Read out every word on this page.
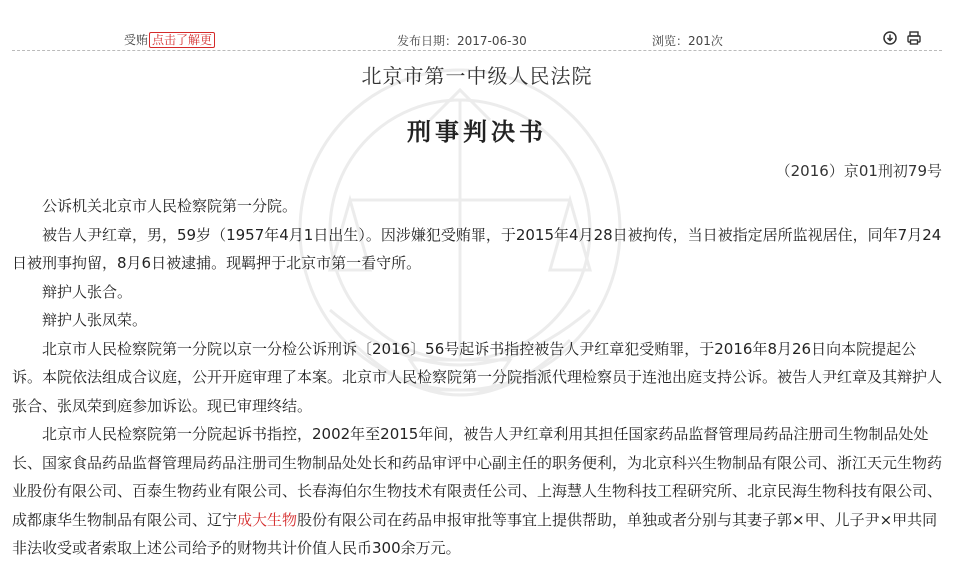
受贿 点击了解更	发布日期：2017-06-30	浏览：201次
北京市第一中级人民法院
刑事判决书
（2016）京01刑初79号

公诉机关北京市人民检察院第一分院。

被告人尹红章，男，59岁（1957年4月1日出生）。因涉嫌犯受贿罪，于2015年4月28日被拘传，当日被指定居所监视居住，同年7月24日被刑事拘留，8月6日被逮捕。现羁押于北京市第一看守所。

辩护人张合。

辩护人张凤荣。

北京市人民检察院第一分院以京一分检公诉刑诉〔2016〕56号起诉书指控被告人尹红章犯受贿罪，于2016年8月26日向本院提起公诉。本院依法组成合议庭，公开开庭审理了本案。北京市人民检察院第一分院指派代理检察员于连池出庭支持公诉。被告人尹红章及其辩护人张合、张凤荣到庭参加诉讼。现已审理终结。

北京市人民检察院第一分院起诉书指控，2002年至2015年间，被告人尹红章利用其担任国家药品监督管理局药品注册司生物制品处处长、国家食品药品监督管理局药品注册司生物制品处处长和药品审评中心副主任的职务便利，为北京科兴生物制品有限公司、浙江天元生物药业股份有限公司、百泰生物药业有限公司、长春海伯尔生物技术有限责任公司、上海慧人生物科技工程研究所、北京民海生物科技有限公司、成都康华生物制品有限公司、辽宁成大生物股份有限公司在药品申报审批等事宜上提供帮助，单独或者分别与其妻子郭×甲、儿子尹×甲共同非法收受或者索取上述公司给予的财物共计价值人民币300余万元。
